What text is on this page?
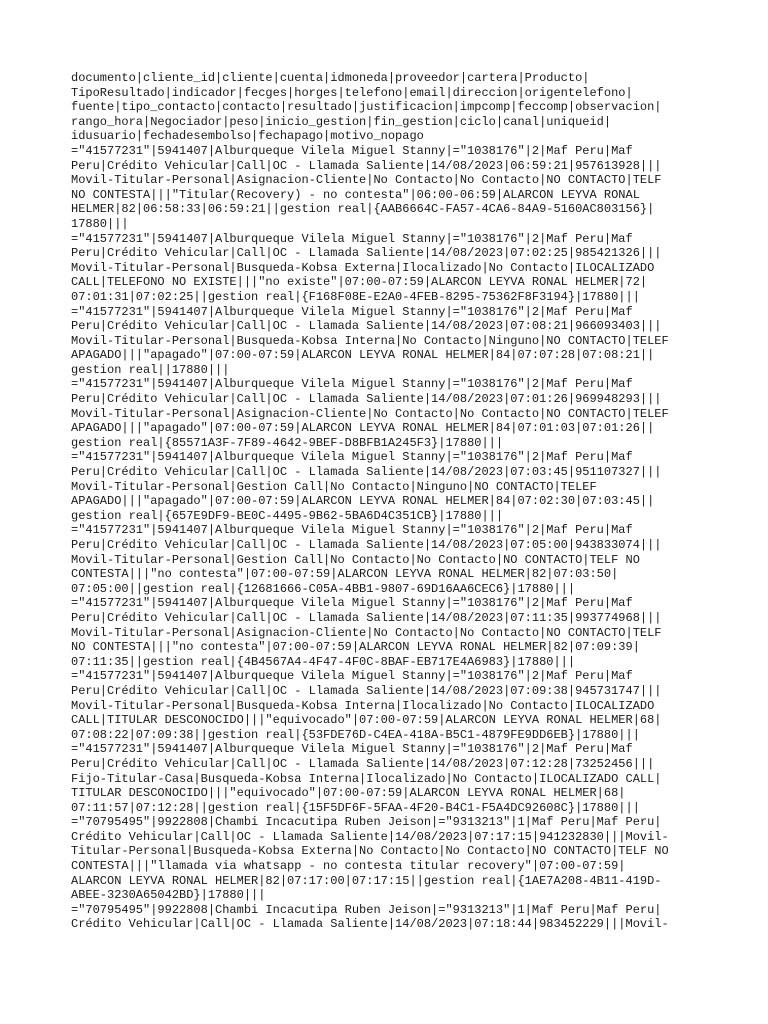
documento|cliente_id|cliente|cuenta|idmoneda|proveedor|cartera|Producto|
TipoResultado|indicador|fecges|horges|telefono|email|direccion|origentelefono|
fuente|tipo_contacto|contacto|resultado|justificacion|impcomp|feccomp|observacion|
rango_hora|Negociador|peso|inicio_gestion|fin_gestion|ciclo|canal|uniqueid|
idusuario|fechadesembolso|fechapago|motivo_nopago
="41577231"|5941407|Alburqueque Vilela Miguel Stanny|="1038176"|2|Maf Peru|Maf
Peru|Crédito Vehicular|Call|OC - Llamada Saliente|14/08/2023|06:59:21|957613928|||
Movil-Titular-Personal|Asignacion-Cliente|No Contacto|No Contacto|NO CONTACTO|TELF
NO CONTESTA|||"Titular(Recovery) - no contesta"|06:00-06:59|ALARCON LEYVA RONAL
HELMER|82|06:58:33|06:59:21||gestion real|{AAB6664C-FA57-4CA6-84A9-5160AC803156}|
17880|||
="41577231"|5941407|Alburqueque Vilela Miguel Stanny|="1038176"|2|Maf Peru|Maf
Peru|Crédito Vehicular|Call|OC - Llamada Saliente|14/08/2023|07:02:25|985421326|||
Movil-Titular-Personal|Busqueda-Kobsa Externa|Ilocalizado|No Contacto|ILOCALIZADO
CALL|TELEFONO NO EXISTE|||"no existe"|07:00-07:59|ALARCON LEYVA RONAL HELMER|72|
07:01:31|07:02:25||gestion real|{F168F08E-E2A0-4FEB-8295-75362F8F3194}|17880|||
="41577231"|5941407|Alburqueque Vilela Miguel Stanny|="1038176"|2|Maf Peru|Maf
Peru|Crédito Vehicular|Call|OC - Llamada Saliente|14/08/2023|07:08:21|966093403|||
Movil-Titular-Personal|Busqueda-Kobsa Interna|No Contacto|Ninguno|NO CONTACTO|TELEF
APAGADO|||"apagado"|07:00-07:59|ALARCON LEYVA RONAL HELMER|84|07:07:28|07:08:21||
gestion real||17880|||
="41577231"|5941407|Alburqueque Vilela Miguel Stanny|="1038176"|2|Maf Peru|Maf
Peru|Crédito Vehicular|Call|OC - Llamada Saliente|14/08/2023|07:01:26|969948293|||
Movil-Titular-Personal|Asignacion-Cliente|No Contacto|No Contacto|NO CONTACTO|TELEF
APAGADO|||"apagado"|07:00-07:59|ALARCON LEYVA RONAL HELMER|84|07:01:03|07:01:26||
gestion real|{85571A3F-7F89-4642-9BEF-D8BFB1A245F3}|17880|||
="41577231"|5941407|Alburqueque Vilela Miguel Stanny|="1038176"|2|Maf Peru|Maf
Peru|Crédito Vehicular|Call|OC - Llamada Saliente|14/08/2023|07:03:45|951107327|||
Movil-Titular-Personal|Gestion Call|No Contacto|Ninguno|NO CONTACTO|TELEF
APAGADO|||"apagado"|07:00-07:59|ALARCON LEYVA RONAL HELMER|84|07:02:30|07:03:45||
gestion real|{657E9DF9-BE0C-4495-9B62-5BA6D4C351CB}|17880|||
="41577231"|5941407|Alburqueque Vilela Miguel Stanny|="1038176"|2|Maf Peru|Maf
Peru|Crédito Vehicular|Call|OC - Llamada Saliente|14/08/2023|07:05:00|943833074|||
Movil-Titular-Personal|Gestion Call|No Contacto|No Contacto|NO CONTACTO|TELF NO
CONTESTA|||"no contesta"|07:00-07:59|ALARCON LEYVA RONAL HELMER|82|07:03:50|
07:05:00||gestion real|{12681666-C05A-4BB1-9807-69D16AA6CEC6}|17880|||
="41577231"|5941407|Alburqueque Vilela Miguel Stanny|="1038176"|2|Maf Peru|Maf
Peru|Crédito Vehicular|Call|OC - Llamada Saliente|14/08/2023|07:11:35|993774968|||
Movil-Titular-Personal|Asignacion-Cliente|No Contacto|No Contacto|NO CONTACTO|TELF
NO CONTESTA|||"no contesta"|07:00-07:59|ALARCON LEYVA RONAL HELMER|82|07:09:39|
07:11:35||gestion real|{4B4567A4-4F47-4F0C-8BAF-EB717E4A6983}|17880|||
="41577231"|5941407|Alburqueque Vilela Miguel Stanny|="1038176"|2|Maf Peru|Maf
Peru|Crédito Vehicular|Call|OC - Llamada Saliente|14/08/2023|07:09:38|945731747|||
Movil-Titular-Personal|Busqueda-Kobsa Interna|Ilocalizado|No Contacto|ILOCALIZADO
CALL|TITULAR DESCONOCIDO|||"equivocado"|07:00-07:59|ALARCON LEYVA RONAL HELMER|68|
07:08:22|07:09:38||gestion real|{53FDE76D-C4EA-418A-B5C1-4879FE9DD6EB}|17880|||
="41577231"|5941407|Alburqueque Vilela Miguel Stanny|="1038176"|2|Maf Peru|Maf
Peru|Crédito Vehicular|Call|OC - Llamada Saliente|14/08/2023|07:12:28|73252456|||
Fijo-Titular-Casa|Busqueda-Kobsa Interna|Ilocalizado|No Contacto|ILOCALIZADO CALL|
TITULAR DESCONOCIDO|||"equivocado"|07:00-07:59|ALARCON LEYVA RONAL HELMER|68|
07:11:57|07:12:28||gestion real|{15F5DF6F-5FAA-4F20-B4C1-F5A4DC92608C}|17880|||
="70795495"|9922808|Chambi Incacutipa Ruben Jeison|="9313213"|1|Maf Peru|Maf Peru|
Crédito Vehicular|Call|OC - Llamada Saliente|14/08/2023|07:17:15|941232830|||Movil-
Titular-Personal|Busqueda-Kobsa Externa|No Contacto|No Contacto|NO CONTACTO|TELF NO
CONTESTA|||"llamada via whatsapp - no contesta titular recovery"|07:00-07:59|
ALARCON LEYVA RONAL HELMER|82|07:17:00|07:17:15||gestion real|{1AE7A208-4B11-419D-
ABEE-3230A65042BD}|17880|||
="70795495"|9922808|Chambi Incacutipa Ruben Jeison|="9313213"|1|Maf Peru|Maf Peru|
Crédito Vehicular|Call|OC - Llamada Saliente|14/08/2023|07:18:44|983452229|||Movil-
